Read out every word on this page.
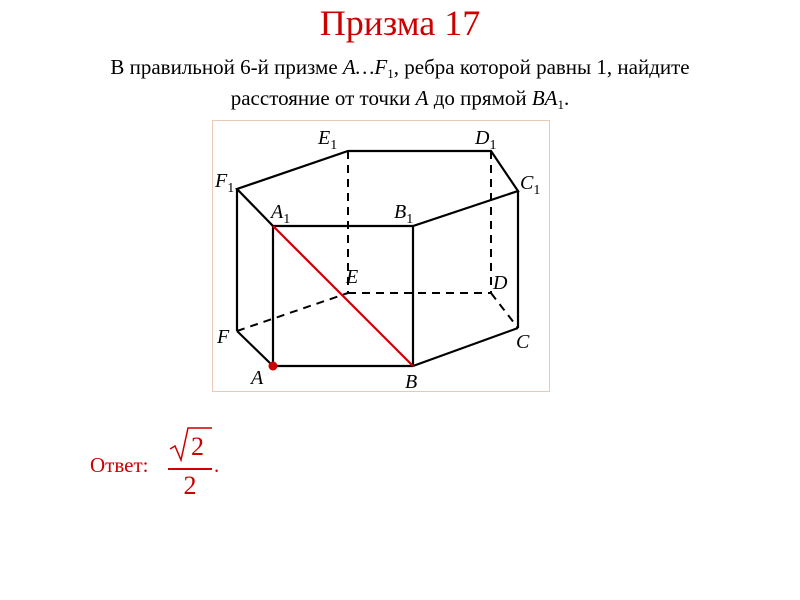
Призма 17
В правильной 6-й призме $A\dots F_1$, ребра которой равны 1, найдите
расстояние от точки A до прямой $BA_1$.
$E_1$	$D_1$
$F_1$	$C_1$
$A_1$	$B_1$
E	D
F	C
A	B
Ответ:
2
2
.
